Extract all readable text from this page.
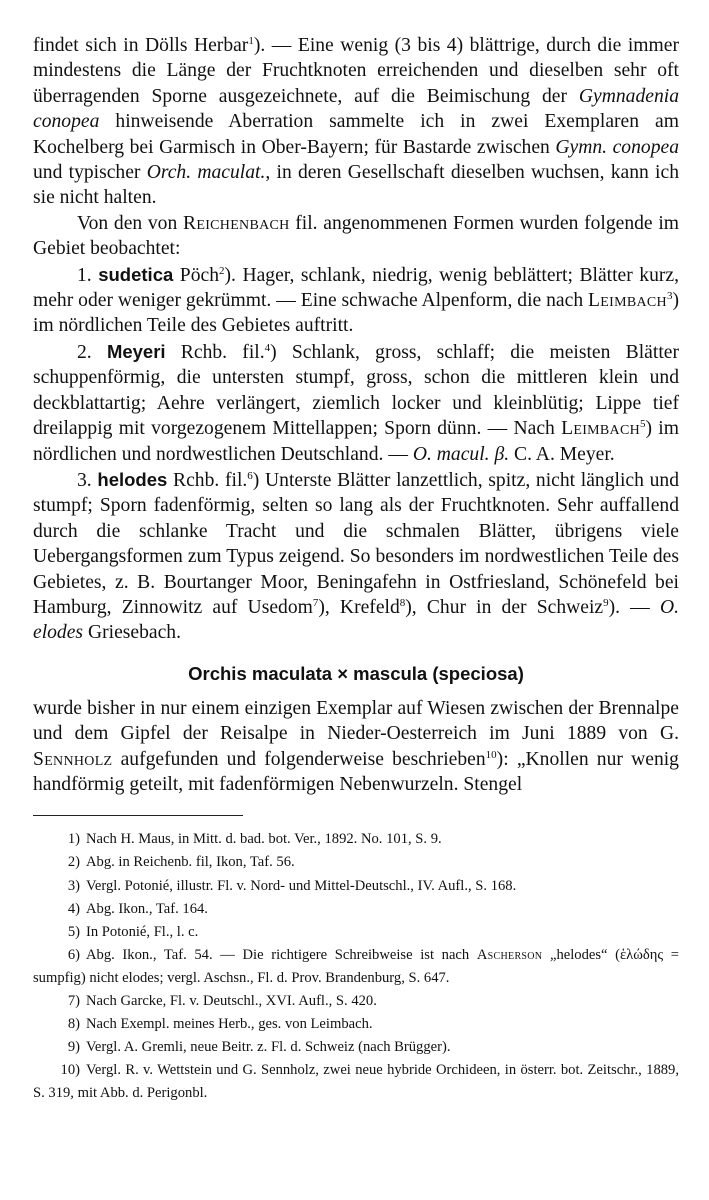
findet sich in Dölls Herbar$^1$). — Eine wenig (3 bis 4) blättrige, durch die immer mindestens die Länge der Fruchtknoten erreichenden und dieselben sehr oft überragenden Sporne ausgezeichnete, auf die Beimischung der Gymnadenia conopea hinweisende Aberration sammelte ich in zwei Exemplaren am Kochelberg bei Garmisch in Ober-Bayern; für Bastarde zwischen Gymn. conopea und typischer Orch. maculat., in deren Gesellschaft dieselben wuchsen, kann ich sie nicht halten.

Von den von Reichenbach fil. angenommenen Formen wurden folgende im Gebiet beobachtet:

1. sudetica Pöch$^2$). Hager, schlank, niedrig, wenig beblättert; Blätter kurz, mehr oder weniger gekrümmt. — Eine schwache Alpenform, die nach Leimbach$^3$) im nördlichen Teile des Gebietes auftritt.

2. Meyeri Rchb. fil.$^4$) Schlank, gross, schlaff; die meisten Blätter schuppenförmig, die untersten stumpf, gross, schon die mittleren klein und deckblattartig; Aehre verlängert, ziemlich locker und kleinblütig; Lippe tief dreilappig mit vorgezogenem Mittellappen; Sporn dünn. — Nach Leimbach$^5$) im nördlichen und nordwestlichen Deutschland. — O. macul. β. C. A. Meyer.

3. helodes Rchb. fil.$^6$) Unterste Blätter lanzettlich, spitz, nicht länglich und stumpf; Sporn fadenförmig, selten so lang als der Fruchtknoten. Sehr auffallend durch die schlanke Tracht und die schmalen Blätter, übrigens viele Uebergangsformen zum Typus zeigend. So besonders im nordwestlichen Teile des Gebietes, z. B. Bourtanger Moor, Beningafehn in Ostfriesland, Schönefeld bei Hamburg, Zinnowitz auf Usedom$^7$), Krefeld$^8$), Chur in der Schweiz$^9$). — O. elodes Griesebach.

Orchis maculata × mascula (speciosa)

wurde bisher in nur einem einzigen Exemplar auf Wiesen zwischen der Brennalpe und dem Gipfel der Reisalpe in Nieder-Oesterreich im Juni 1889 von G. Sennholz aufgefunden und folgenderweise beschrieben$^{10}$): „Knollen nur wenig handförmig geteilt, mit fadenförmigen Nebenwurzeln. Stengel

1) Nach H. Maus, in Mitt. d. bad. bot. Ver., 1892. No. 101, S. 9.

2) Abg. in Reichenb. fil, Ikon, Taf. 56.

3) Vergl. Potonié, illustr. Fl. v. Nord- und Mittel-Deutschl., IV. Aufl., S. 168.

4) Abg. Ikon., Taf. 164.

5) In Potonié, Fl., l. c.

6) Abg. Ikon., Taf. 54. — Die richtigere Schreibweise ist nach Ascherson „helodes“ (ἑλώδης = sumpfig) nicht elodes; vergl. Aschsn., Fl. d. Prov. Brandenburg, S. 647.

7) Nach Garcke, Fl. v. Deutschl., XVI. Aufl., S. 420.

8) Nach Exempl. meines Herb., ges. von Leimbach.

9) Vergl. A. Gremli, neue Beitr. z. Fl. d. Schweiz (nach Brügger).

10) Vergl. R. v. Wettstein und G. Sennholz, zwei neue hybride Orchideen, in österr. bot. Zeitschr., 1889, S. 319, mit Abb. d. Perigonbl.
